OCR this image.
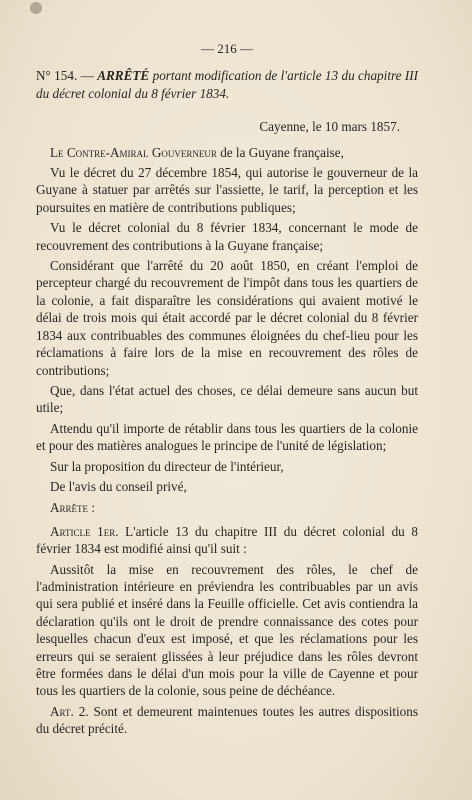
— 216 —
N° 154. — ARRÊTÉ portant modification de l'article 13 du chapitre III du décret colonial du 8 février 1834.
Cayenne, le 10 mars 1857.

Le Contre-Amiral Gouverneur de la Guyane française,

Vu le décret du 27 décembre 1854, qui autorise le gouverneur de la Guyane à statuer par arrêtés sur l'assiette, le tarif, la perception et les poursuites en matière de contributions publiques;

Vu le décret colonial du 8 février 1834, concernant le mode de recouvrement des contributions à la Guyane française;

Considérant que l'arrêté du 20 août 1850, en créant l'emploi de percepteur chargé du recouvrement de l'impôt dans tous les quartiers de la colonie, a fait disparaître les considérations qui avaient motivé le délai de trois mois qui était accordé par le décret colonial du 8 février 1834 aux contribuables des communes éloignées du chef-lieu pour les réclamations à faire lors de la mise en recouvrement des rôles de contributions;

Que, dans l'état actuel des choses, ce délai demeure sans aucun but utile;

Attendu qu'il importe de rétablir dans tous les quartiers de la colonie et pour des matières analogues le principe de l'unité de législation;

Sur la proposition du directeur de l'intérieur,

De l'avis du conseil privé,

Arrête :

Article 1er. L'article 13 du chapitre III du décret colonial du 8 février 1834 est modifié ainsi qu'il suit :

Aussitôt la mise en recouvrement des rôles, le chef de l'administration intérieure en préviendra les contribuables par un avis qui sera publié et inséré dans la Feuille officielle. Cet avis contiendra la déclaration qu'ils ont le droit de prendre connaissance des cotes pour lesquelles chacun d'eux est imposé, et que les réclamations pour les erreurs qui se seraient glissées à leur préjudice dans les rôles devront être formées dans le délai d'un mois pour la ville de Cayenne et pour tous les quartiers de la colonie, sous peine de déchéance.

Art. 2. Sont et demeurent maintenues toutes les autres dispositions du décret précité.
